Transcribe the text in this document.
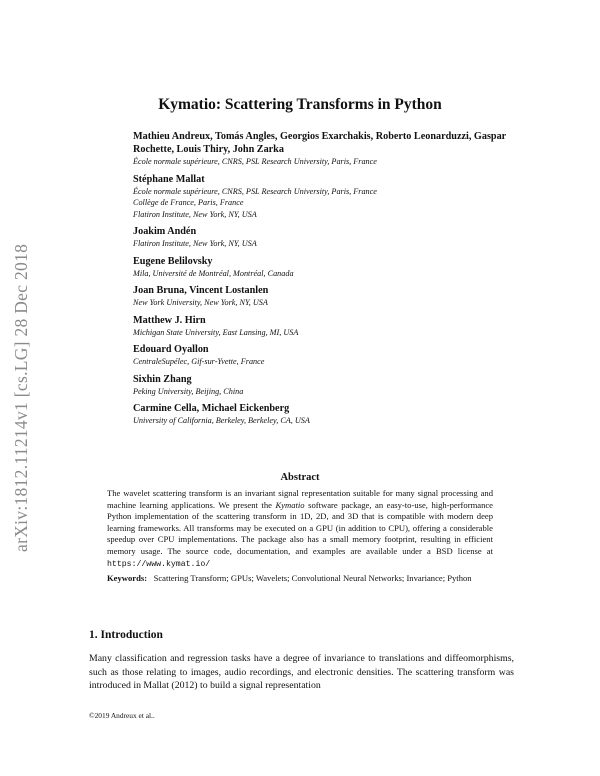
arXiv:1812.11214v1 [cs.LG] 28 Dec 2018
Kymatio: Scattering Transforms in Python
Mathieu Andreux, Tomás Angles, Georgios Exarchakis, Roberto Leonarduzzi, Gaspar Rochette, Louis Thiry, John Zarka
École normale supérieure, CNRS, PSL Research University, Paris, France
Stéphane Mallat
École normale supérieure, CNRS, PSL Research University, Paris, France
Collège de France, Paris, France
Flatiron Institute, New York, NY, USA
Joakim Andén
Flatiron Institute, New York, NY, USA
Eugene Belilovsky
Mila, Université de Montréal, Montréal, Canada
Joan Bruna, Vincent Lostanlen
New York University, New York, NY, USA
Matthew J. Hirn
Michigan State University, East Lansing, MI, USA
Edouard Oyallon
CentraleSupélec, Gif-sur-Yvette, France
Sixhin Zhang
Peking University, Beijing, China
Carmine Cella, Michael Eickenberg
University of California, Berkeley, Berkeley, CA, USA
Abstract
The wavelet scattering transform is an invariant signal representation suitable for many signal processing and machine learning applications. We present the Kymatio software package, an easy-to-use, high-performance Python implementation of the scattering transform in 1D, 2D, and 3D that is compatible with modern deep learning frameworks. All transforms may be executed on a GPU (in addition to CPU), offering a considerable speedup over CPU implementations. The package also has a small memory footprint, resulting in efficient memory usage. The source code, documentation, and examples are available under a BSD license at https://www.kymat.io/
Keywords: Scattering Transform; GPUs; Wavelets; Convolutional Neural Networks; Invariance; Python
1. Introduction
Many classification and regression tasks have a degree of invariance to translations and diffeomorphisms, such as those relating to images, audio recordings, and electronic densities. The scattering transform was introduced in Mallat (2012) to build a signal representation
©2019 Andreux et al..
